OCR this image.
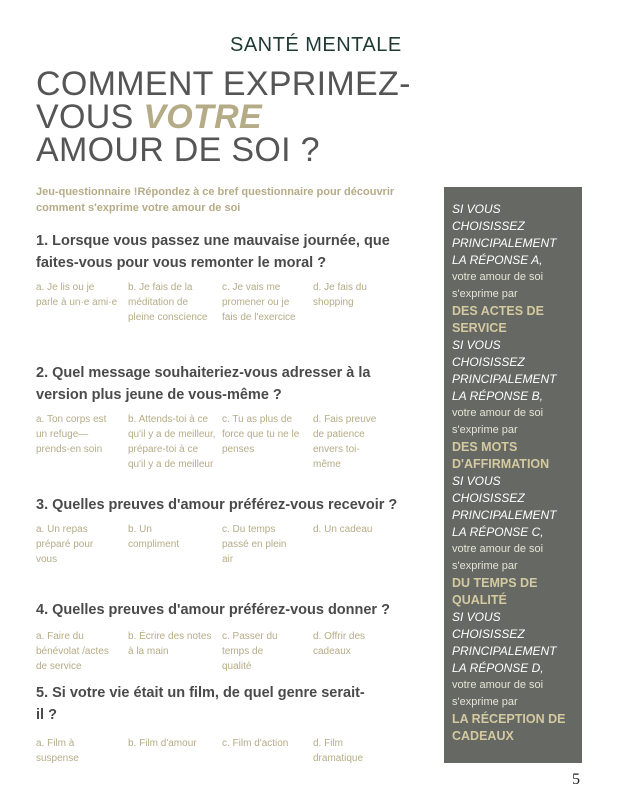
SANTÉ MENTALE
COMMENT EXPRIMEZ-
VOUS VOTRE
AMOUR DE SOI ?
Jeu-questionnaire !Répondez à ce bref questionnaire pour découvrir comment s'exprime votre amour de soi
1. Lorsque vous passez une mauvaise journée, que faites-vous pour vous remonter le moral ?
a. Je lis ou je parle à un·e ami·e
b. Je fais de la méditation de pleine conscience
c. Je vais me promener ou je fais de l'exercice
d. Je fais du shopping
2. Quel message souhaiteriez-vous adresser à la version plus jeune de vous-même ?
a. Ton corps est un refuge— prends-en soin
b. Attends-toi à ce qu'il y a de meilleur, prépare-toi à ce qu'il y a de meilleur
c. Tu as plus de force que tu ne le penses
d. Fais preuve de patience envers toi-même
3. Quelles preuves d'amour préférez-vous recevoir ?
a. Un repas préparé pour vous
b. Un compliment
c. Du temps passé en plein air
d. Un cadeau
4. Quelles preuves d'amour préférez-vous donner ?
a. Faire du bénévolat /actes de service
b. Écrire des notes à la main
c. Passer du temps de qualité
d. Offrir des cadeaux
5. Si votre vie était un film, de quel genre serait-il ?
a. Film à suspense
b. Film d'amour	c. Film d'action	d. Film dramatique
SI VOUS CHOISISSEZ PRINCIPALEMENT LA RÉPONSE A,
votre amour de soi s'exprime par
DES ACTES DE SERVICE
SI VOUS CHOISISSEZ PRINCIPALEMENT LA RÉPONSE B,
votre amour de soi s'exprime par
DES MOTS D'AFFIRMATION
SI VOUS CHOISISSEZ PRINCIPALEMENT LA RÉPONSE C,
votre amour de soi s'exprime par
DU TEMPS DE QUALITÉ
SI VOUS CHOISISSEZ PRINCIPALEMENT LA RÉPONSE D,
votre amour de soi s'exprime par
LA RÉCEPTION DE CADEAUX
5
